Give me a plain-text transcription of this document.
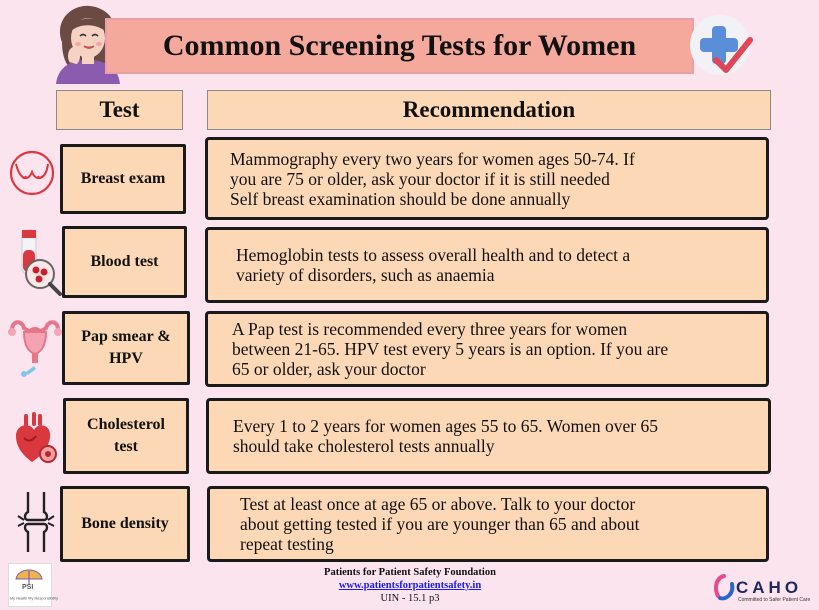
Common Screening Tests for Women
Test	Recommendation
Breast exam
Mammography every two years for women ages 50-74. If
you are 75 or older, ask your doctor if it is still needed
Self breast examination should be done annually
Blood test	Hemoglobin tests to assess overall health and to detect a
variety of disorders, such as anaemia
Pap smear & HPV
A Pap test is recommended every three years for women
between 21-65. HPV test every 5 years is an option. If you are
65 or older, ask your doctor
Cholesterol test
Every 1 to 2 years for women ages 55 to 65. Women over 65
should take cholesterol tests annually
Bone density
Test at least once at age 65 or above. Talk to your doctor
about getting tested if you are younger than 65 and about
repeat testing
Patients for Patient Safety Foundation
www.patientsforpatientsafety.in
UIN - 15.1 p3
PSI
My Health My Responsibility
CAHO
Committed to Safer Patient Care
